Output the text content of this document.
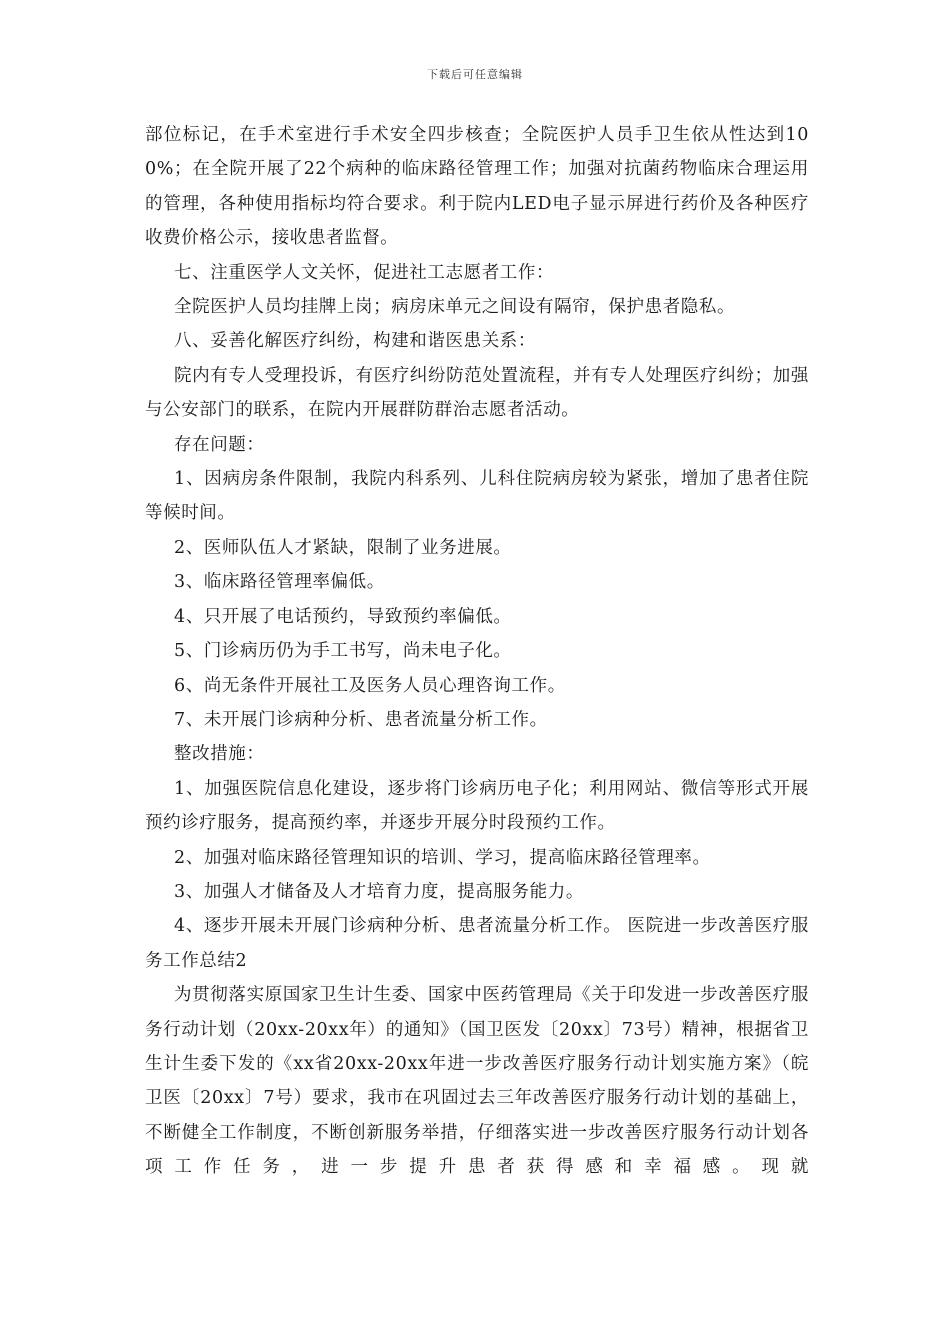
下载后可任意编辑

部位标记，在手术室进行手术安全四步核查；全院医护人员手卫生依从性达到100%；在全院开展了22个病种的临床路径管理工作；加强对抗菌药物临床合理运用的管理，各种使用指标均符合要求。利于院内LED电子显示屏进行药价及各种医疗收费价格公示，接收患者监督。

七、注重医学人文关怀，促进社工志愿者工作：

全院医护人员均挂牌上岗；病房床单元之间设有隔帘，保护患者隐私。

八、妥善化解医疗纠纷，构建和谐医患关系：

院内有专人受理投诉，有医疗纠纷防范处置流程，并有专人处理医疗纠纷；加强与公安部门的联系，在院内开展群防群治志愿者活动。

存在问题：

1、因病房条件限制，我院内科系列、儿科住院病房较为紧张，增加了患者住院等候时间。

2、医师队伍人才紧缺，限制了业务进展。

3、临床路径管理率偏低。

4、只开展了电话预约，导致预约率偏低。

5、门诊病历仍为手工书写，尚未电子化。

6、尚无条件开展社工及医务人员心理咨询工作。

7、未开展门诊病种分析、患者流量分析工作。

整改措施：

1、加强医院信息化建设，逐步将门诊病历电子化；利用网站、微信等形式开展预约诊疗服务，提高预约率，并逐步开展分时段预约工作。

2、加强对临床路径管理知识的培训、学习，提高临床路径管理率。

3、加强人才储备及人才培育力度，提高服务能力。

4、逐步开展未开展门诊病种分析、患者流量分析工作。 医院进一步改善医疗服务工作总结2

为贯彻落实原国家卫生计生委、国家中医药管理局《关于印发进一步改善医疗服务行动计划（20xx-20xx年）的通知》（国卫医发〔20xx〕73号）精神，根据省卫生计生委下发的《xx省20xx-20xx年进一步改善医疗服务行动计划实施方案》（皖卫医〔20xx〕7号）要求，我市在巩固过去三年改善医疗服务行动计划的基础上，不断健全工作制度，不断创新服务举措，仔细落实进一步改善医疗服务行动计划各项工作任务，进一步提升患者获得感和幸福感。现就
